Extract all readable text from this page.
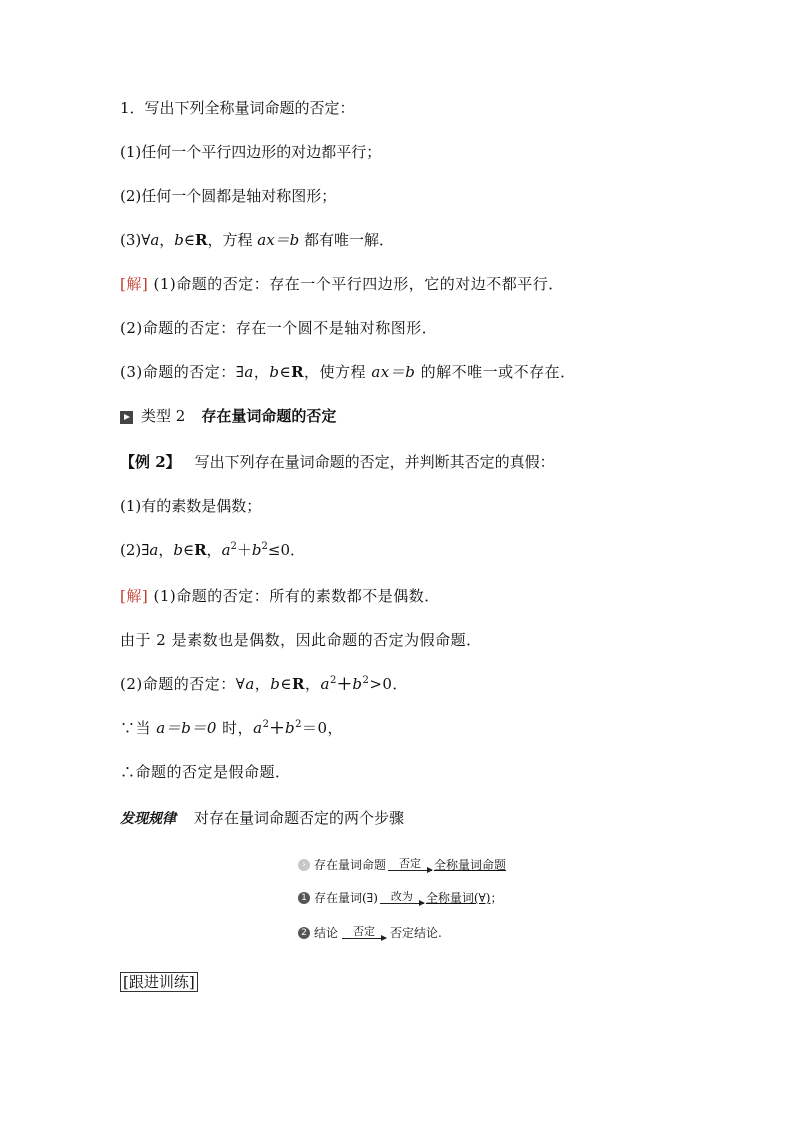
1．写出下列全称量词命题的否定：
(1)任何一个平行四边形的对边都平行；
(2)任何一个圆都是轴对称图形；
(3)∀a，b∈R，方程 ax＝b 都有唯一解．
[解] (1)命题的否定：存在一个平行四边形，它的对边不都平行．
(2)命题的否定：存在一个圆不是轴对称图形．
(3)命题的否定：∃a，b∈R，使方程 ax＝b 的解不唯一或不存在．
类型 2 存在量词命题的否定
【例 2】 写出下列存在量词命题的否定，并判断其否定的真假：
(1)有的素数是偶数；
(2)∃a，b∈R，$a^2+b^2\le 0$．
[解] (1)命题的否定：所有的素数都不是偶数．
由于 2 是素数也是偶数，因此命题的否定为假命题．
(2)命题的否定：∀a，b∈R，$a^2+b^2>0$．
∵当 a＝b＝0 时，$a^2+b^2=0$，
∴命题的否定是假命题．
发现规律 对存在量词命题否定的两个步骤
› 存在量词命题 否定 全称量词命题
1 存在量词(∃) 改为 全称量词(∀) ；
2 结论 否定 否定结论.
[跟进训练]
